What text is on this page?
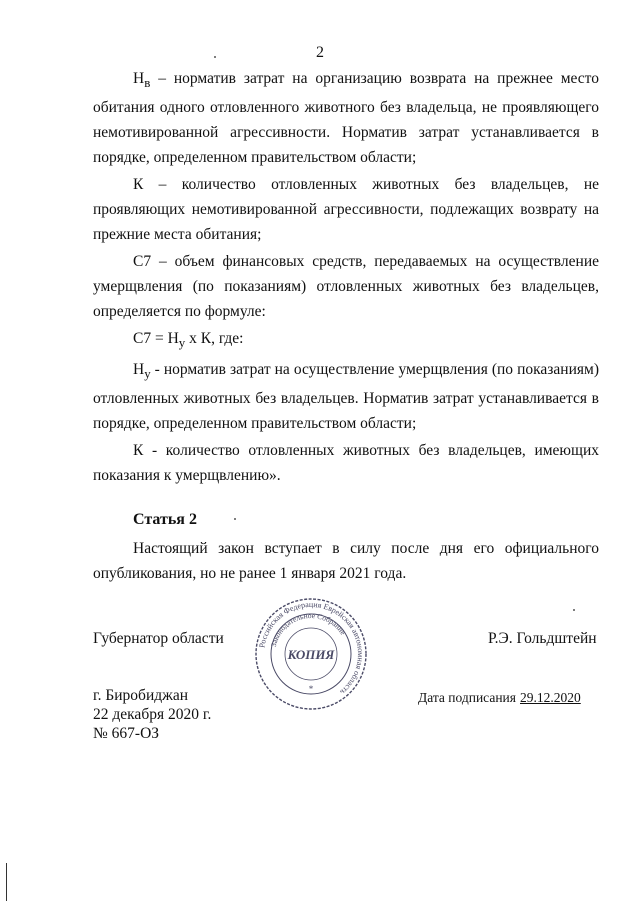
2

$Н_в$ – норматив затрат на организацию возврата на прежнее место обитания одного отловленного животного без владельца, не проявляющего немотивированной агрессивности. Норматив затрат устанавливается в порядке, определенном правительством области;

К – количество отловленных животных без владельцев, не проявляющих немотивированной агрессивности, подлежащих возврату на прежние места обитания;

С7 – объем финансовых средств, передаваемых на осуществление умерщвления (по показаниям) отловленных животных без владельцев, определяется по формуле:

$С7 = Н_у$ х К, где:

$Н_у$ - норматив затрат на осуществление умерщвления (по показаниям) отловленных животных без владельцев. Норматив затрат устанавливается в порядке, определенном правительством области;

К - количество отловленных животных без владельцев, имеющих показания к умерщвлению».

Статья 2
Настоящий закон вступает в силу после дня его официального опубликования, но не ранее 1 января 2021 года.
Губернатор области	Р.Э. Гольдштейн
Российская Федерация Еврейская автономная область
Законодательное Собрание
КОПИЯ
*
г. Биробиджан
22 декабря 2020 г.
№ 667-ОЗ
Дата подписания 29.12.2020
